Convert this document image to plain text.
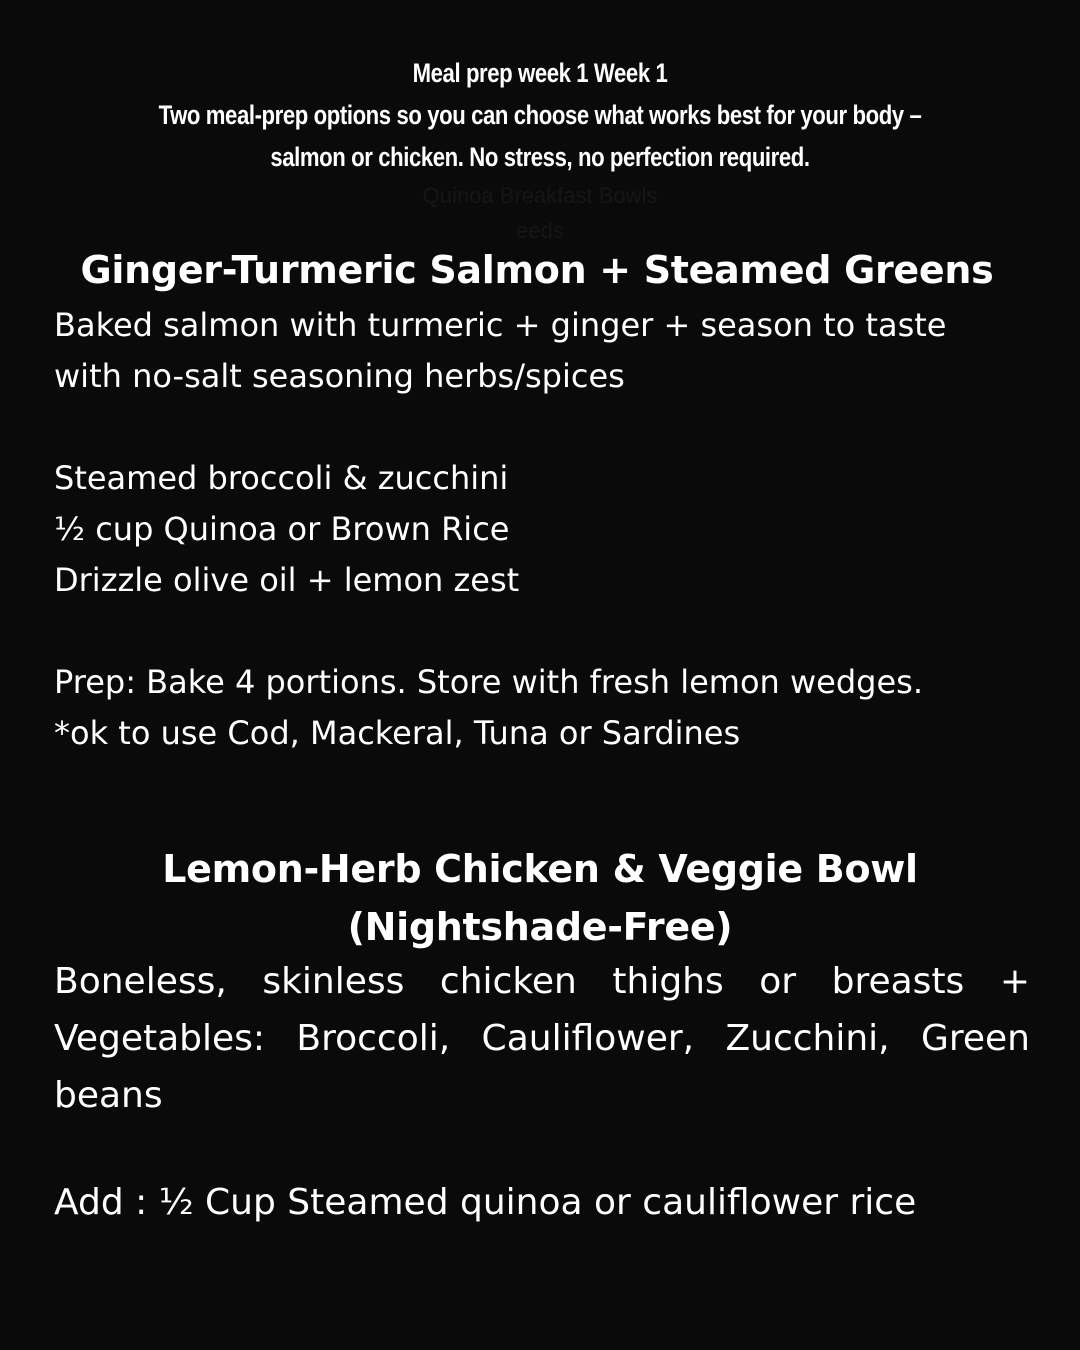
Meal prep week 1 Week 1
Two meal-prep options so you can choose what works best for your body –
salmon or chicken. No stress, no perfection required.
Quinoa Breakfast Bowls
eeds
Ginger-Turmeric Salmon + Steamed Greens

Baked salmon with turmeric + ginger + season to taste

with no-salt seasoning herbs/spices

Steamed broccoli & zucchini

½ cup Quinoa or Brown Rice

Drizzle olive oil + lemon zest

Prep: Bake 4 portions. Store with fresh lemon wedges.

*ok to use Cod, Mackeral, Tuna or Sardines

Lemon-Herb Chicken & Veggie Bowl
(Nightshade-Free)
Boneless, skinless chicken thighs or breasts + Vegetables: Broccoli, Cauliflower, Zucchini, Green beans
Add : ½ Cup Steamed quinoa or cauliflower rice
